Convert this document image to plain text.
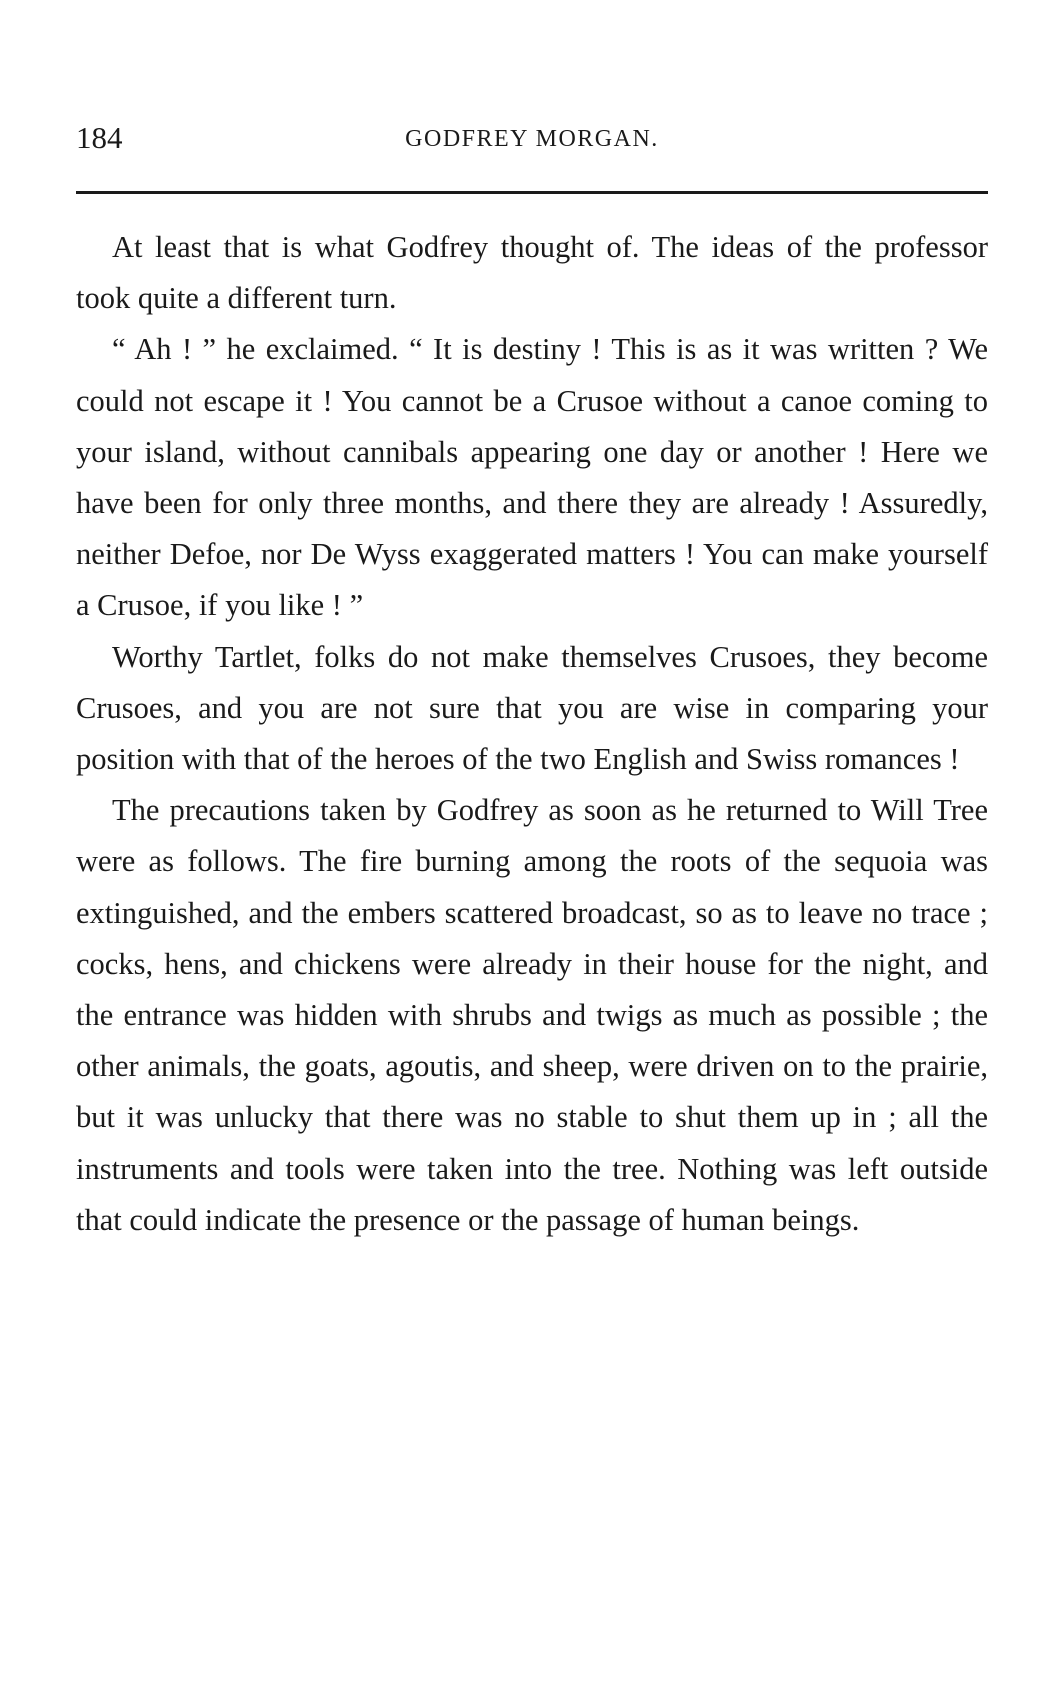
184	GODFREY MORGAN.

At least that is what Godfrey thought of. The ideas of the professor took quite a different turn.

“ Ah ! ” he exclaimed. “ It is destiny ! This is as it was written ? We could not escape it ! You cannot be a Crusoe without a canoe coming to your island, without cannibals appearing one day or another ! Here we have been for only three months, and there they are already ! Assuredly, neither Defoe, nor De Wyss exaggerated matters ! You can make yourself a Crusoe, if you like ! ”

Worthy Tartlet, folks do not make themselves Crusoes, they become Crusoes, and you are not sure that you are wise in comparing your position with that of the heroes of the two English and Swiss romances !

The precautions taken by Godfrey as soon as he returned to Will Tree were as follows. The fire burning among the roots of the sequoia was extinguished, and the embers scattered broadcast, so as to leave no trace ; cocks, hens, and chickens were already in their house for the night, and the entrance was hidden with shrubs and twigs as much as possible ; the other animals, the goats, agoutis, and sheep, were driven on to the prairie, but it was unlucky that there was no stable to shut them up in ; all the instruments and tools were taken into the tree. Nothing was left outside that could indicate the presence or the passage of human beings.
